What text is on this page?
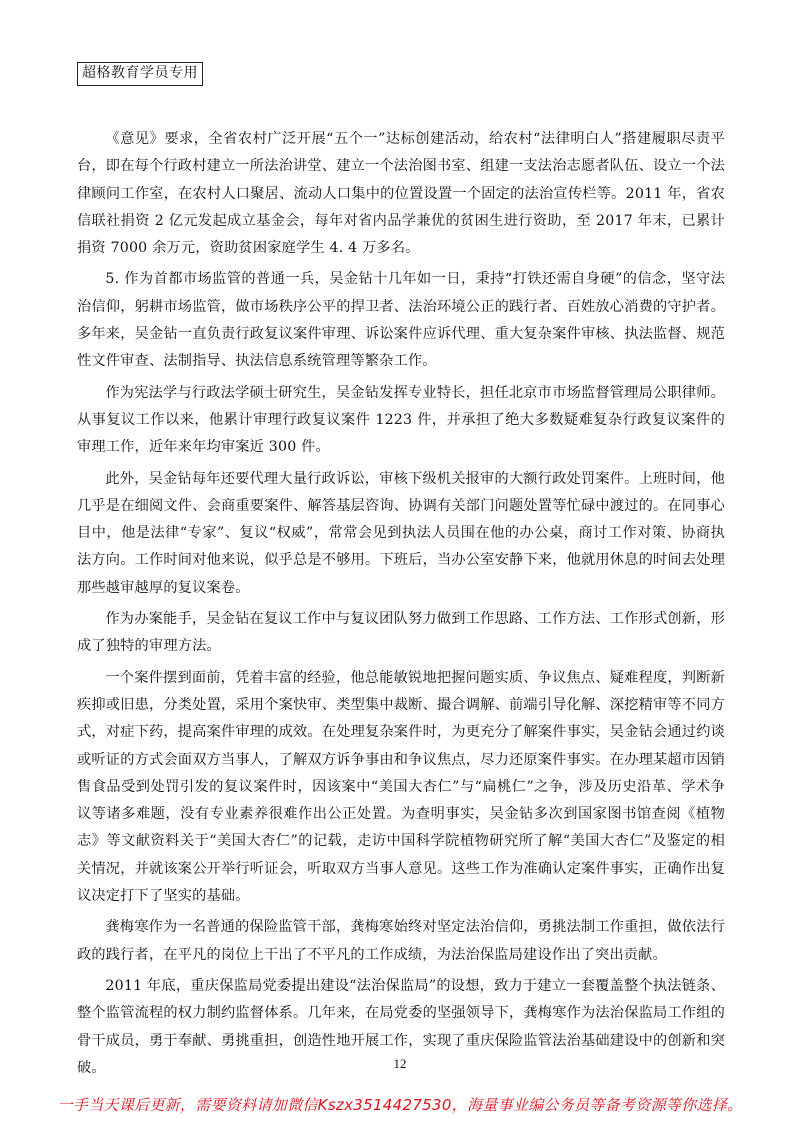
超格教育学员专用

《意见》要求，全省农村广泛开展“五个一”达标创建活动，给农村“法律明白人”搭建履职尽责平台，即在每个行政村建立一所法治讲堂、建立一个法治图书室、组建一支法治志愿者队伍、设立一个法律顾问工作室，在农村人口聚居、流动人口集中的位置设置一个固定的法治宣传栏等。2011 年，省农信联社捐资 2 亿元发起成立基金会，每年对省内品学兼优的贫困生进行资助，至 2017 年末，已累计捐资 7000 余万元，资助贫困家庭学生 4. 4 万多名。

5. 作为首都市场监管的普通一兵，吴金钻十几年如一日，秉持“打铁还需自身硬”的信念，坚守法治信仰，躬耕市场监管，做市场秩序公平的捍卫者、法治环境公正的践行者、百姓放心消费的守护者。多年来，吴金钻一直负责行政复议案件审理、诉讼案件应诉代理、重大复杂案件审核、执法监督、规范性文件审查、法制指导、执法信息系统管理等繁杂工作。

作为宪法学与行政法学硕士研究生，吴金钻发挥专业特长，担任北京市市场监督管理局公职律师。从事复议工作以来，他累计审理行政复议案件 1223 件，并承担了绝大多数疑难复杂行政复议案件的审理工作，近年来年均审案近 300 件。

此外，吴金钻每年还要代理大量行政诉讼，审核下级机关报审的大额行政处罚案件。上班时间，他几乎是在细阅文件、会商重要案件、解答基层咨询、协调有关部门问题处置等忙碌中渡过的。在同事心目中，他是法律“专家”、复议“权威”，常常会见到执法人员围在他的办公桌，商讨工作对策、协商执法方向。工作时间对他来说，似乎总是不够用。下班后，当办公室安静下来，他就用休息的时间去处理那些越审越厚的复议案卷。

作为办案能手，吴金钻在复议工作中与复议团队努力做到工作思路、工作方法、工作形式创新，形成了独特的审理方法。

一个案件摆到面前，凭着丰富的经验，他总能敏锐地把握问题实质、争议焦点、疑难程度，判断新疾抑或旧患，分类处置，采用个案快审、类型集中裁断、撮合调解、前端引导化解、深挖精审等不同方式，对症下药，提高案件审理的成效。在处理复杂案件时，为更充分了解案件事实，吴金钻会通过约谈或听证的方式会面双方当事人，了解双方诉争事由和争议焦点，尽力还原案件事实。在办理某超市因销售食品受到处罚引发的复议案件时，因该案中“美国大杏仁”与“扁桃仁”之争，涉及历史沿革、学术争议等诸多难题，没有专业素养很难作出公正处置。为查明事实，吴金钻多次到国家图书馆查阅《植物志》等文献资料关于“美国大杏仁”的记载，走访中国科学院植物研究所了解“美国大杏仁”及鉴定的相关情况，并就该案公开举行听证会，听取双方当事人意见。这些工作为准确认定案件事实，正确作出复议决定打下了坚实的基础。

龚梅寒作为一名普通的保险监管干部，龚梅寒始终对坚定法治信仰，勇挑法制工作重担，做依法行政的践行者，在平凡的岗位上干出了不平凡的工作成绩，为法治保监局建设作出了突出贡献。

2011 年底，重庆保监局党委提出建设“法治保监局”的设想，致力于建立一套覆盖整个执法链条、整个监管流程的权力制约监督体系。几年来，在局党委的坚强领导下，龚梅寒作为法治保监局工作组的骨干成员，勇于奉献、勇挑重担，创造性地开展工作，实现了重庆保险监管法治基础建设中的创新和突破。	12
一手当天课后更新，需要资料请加微信Kszx3514427530，海量事业编公务员等备考资源等你选择。
